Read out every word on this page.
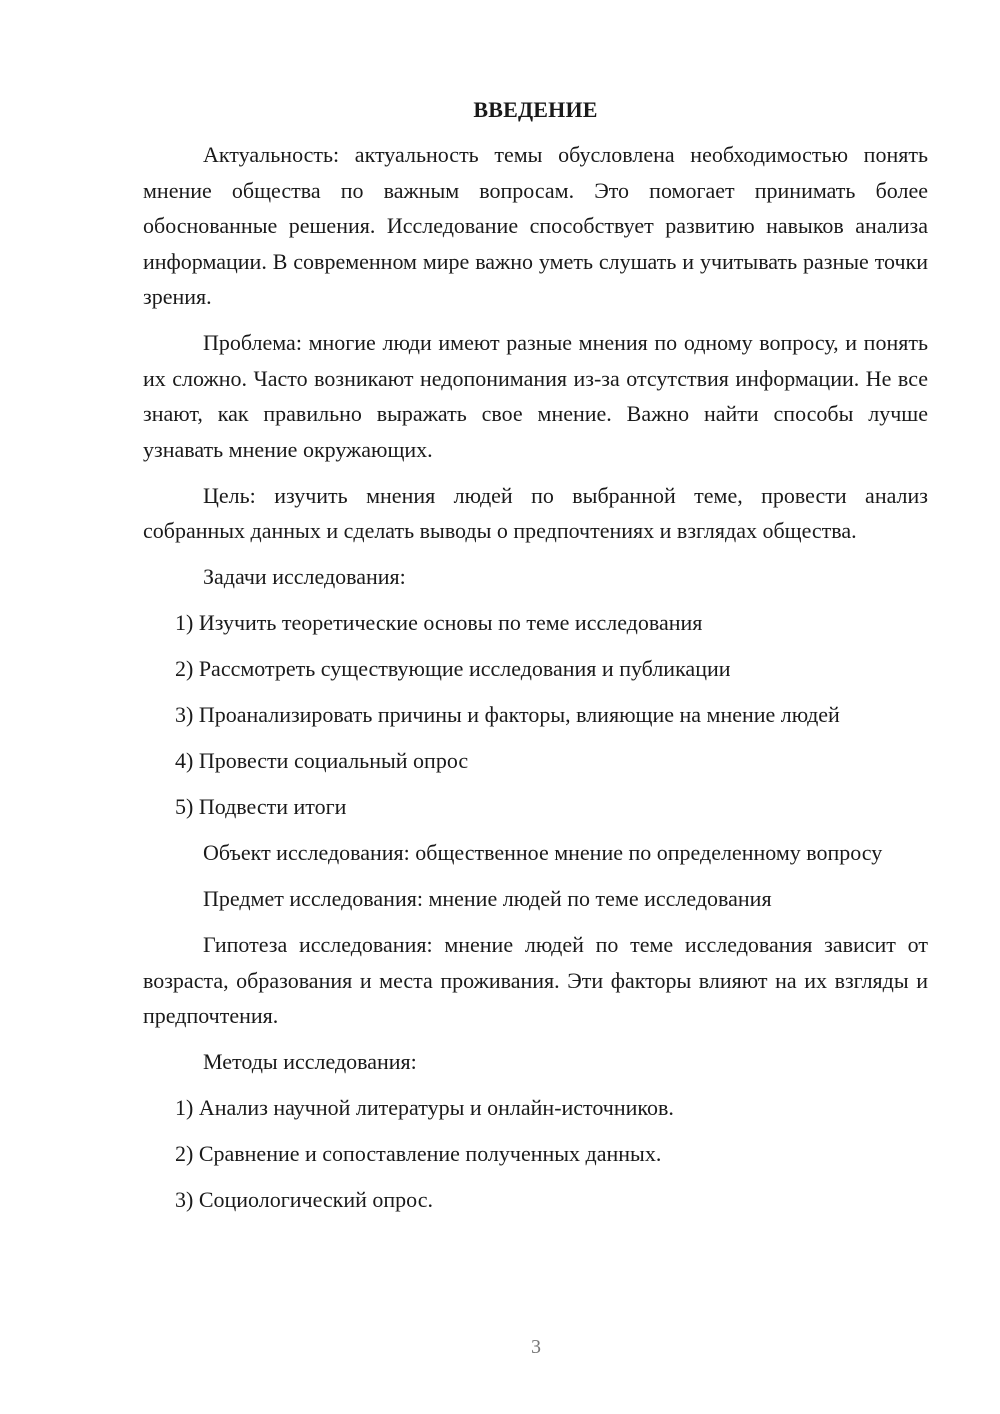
ВВЕДЕНИЕ

Актуальность: актуальность темы обусловлена необходимостью понять мнение общества по важным вопросам. Это помогает принимать более обоснованные решения. Исследование способствует развитию навыков анализа информации. В современном мире важно уметь слушать и учитывать разные точки зрения.

Проблема: многие люди имеют разные мнения по одному вопросу, и понять их сложно. Часто возникают недопонимания из-за отсутствия информации. Не все знают, как правильно выражать свое мнение. Важно найти способы лучше узнавать мнение окружающих.

Цель: изучить мнения людей по выбранной теме, провести анализ собранных данных и сделать выводы о предпочтениях и взглядах общества.

Задачи исследования:

1) Изучить теоретические основы по теме исследования

2) Рассмотреть существующие исследования и публикации

3) Проанализировать причины и факторы, влияющие на мнение людей

4) Провести социальный опрос

5) Подвести итоги

Объект исследования: общественное мнение по определенному вопросу

Предмет исследования: мнение людей по теме исследования

Гипотеза исследования: мнение людей по теме исследования зависит от возраста, образования и места проживания. Эти факторы влияют на их взгляды и предпочтения.

Методы исследования:

1) Анализ научной литературы и онлайн-источников.

2) Сравнение и сопоставление полученных данных.

3) Социологический опрос.

3
